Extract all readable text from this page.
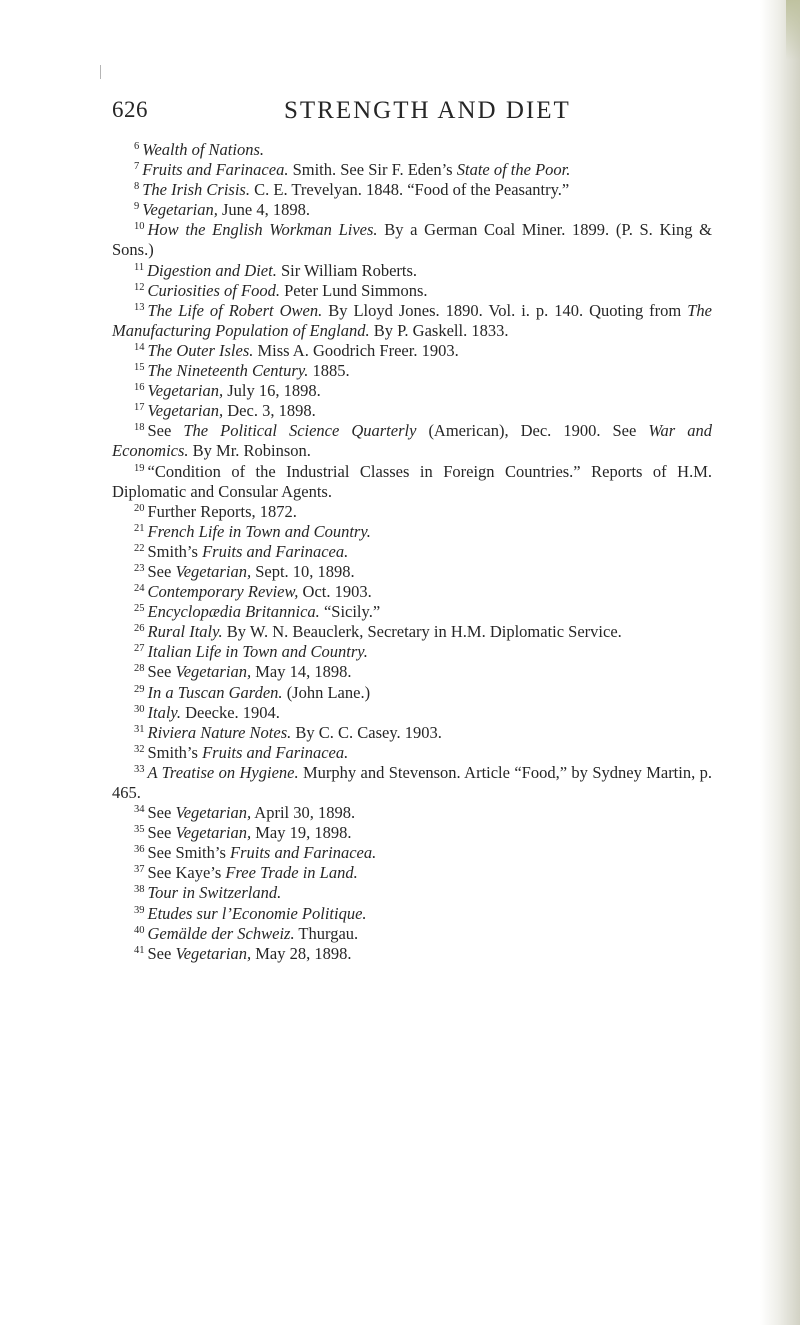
626	STRENGTH AND DIET

$^6$ Wealth of Nations.

$^7$ Fruits and Farinacea. Smith. See Sir F. Eden’s State of the Poor.

$^8$ The Irish Crisis. C. E. Trevelyan. 1848. “Food of the Peasantry.”

$^9$ Vegetarian, June 4, 1898.

$^{10}$ How the English Workman Lives. By a German Coal Miner. 1899. (P. S. King & Sons.)

$^{11}$ Digestion and Diet. Sir William Roberts.

$^{12}$ Curiosities of Food. Peter Lund Simmons.

$^{13}$ The Life of Robert Owen. By Lloyd Jones. 1890. Vol. i. p. 140. Quoting from The Manufacturing Population of England. By P. Gaskell. 1833.

$^{14}$ The Outer Isles. Miss A. Goodrich Freer. 1903.

$^{15}$ The Nineteenth Century. 1885.

$^{16}$ Vegetarian, July 16, 1898.

$^{17}$ Vegetarian, Dec. 3, 1898.

$^{18}$ See The Political Science Quarterly (American), Dec. 1900. See War and Economics. By Mr. Robinson.

$^{19}$ “Condition of the Industrial Classes in Foreign Countries.” Reports of H.M. Diplomatic and Consular Agents.

$^{20}$ Further Reports, 1872.

$^{21}$ French Life in Town and Country.

$^{22}$ Smith’s Fruits and Farinacea.

$^{23}$ See Vegetarian, Sept. 10, 1898.

$^{24}$ Contemporary Review, Oct. 1903.

$^{25}$ Encyclopædia Britannica. “Sicily.”

$^{26}$ Rural Italy. By W. N. Beauclerk, Secretary in H.M. Diplomatic Service.

$^{27}$ Italian Life in Town and Country.

$^{28}$ See Vegetarian, May 14, 1898.

$^{29}$ In a Tuscan Garden. (John Lane.)

$^{30}$ Italy. Deecke. 1904.

$^{31}$ Riviera Nature Notes. By C. C. Casey. 1903.

$^{32}$ Smith’s Fruits and Farinacea.

$^{33}$ A Treatise on Hygiene. Murphy and Stevenson. Article “Food,” by Sydney Martin, p. 465.

$^{34}$ See Vegetarian, April 30, 1898.

$^{35}$ See Vegetarian, May 19, 1898.

$^{36}$ See Smith’s Fruits and Farinacea.

$^{37}$ See Kaye’s Free Trade in Land.

$^{38}$ Tour in Switzerland.

$^{39}$ Etudes sur l’Economie Politique.

$^{40}$ Gemälde der Schweiz. Thurgau.

$^{41}$ See Vegetarian, May 28, 1898.
